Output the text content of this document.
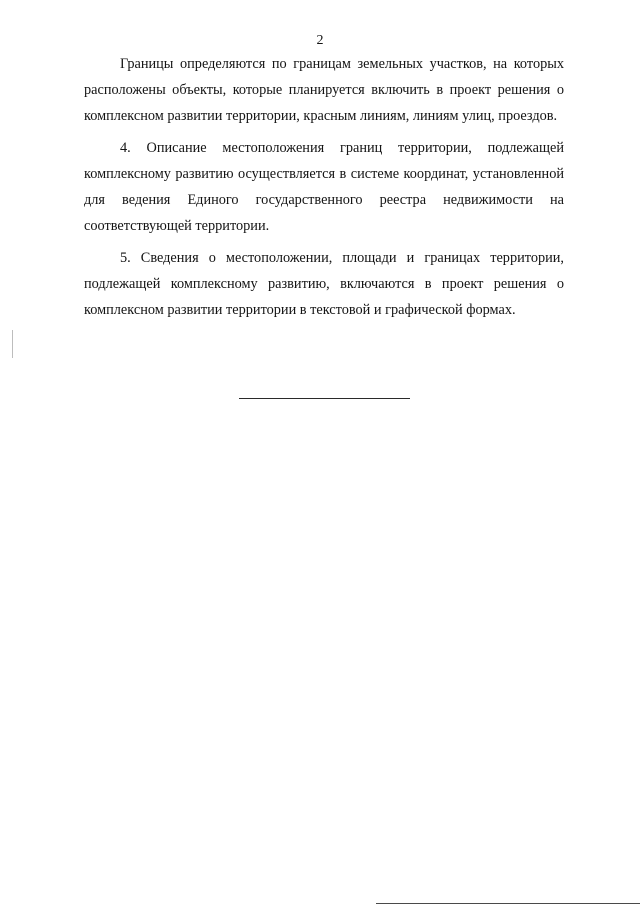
2

Границы определяются по границам земельных участков, на которых расположены объекты, которые планируется включить в проект решения о комплексном развитии территории, красным линиям, линиям улиц, проездов.

4. Описание местоположения границ территории, подлежащей комплексному развитию осуществляется в системе координат, установленной для ведения Единого государственного реестра недвижимости на соответствующей территории.

5. Сведения о местоположении, площади и границах территории, подлежащей комплексному развитию, включаются в проект решения о комплексном развитии территории в текстовой и графической формах.
